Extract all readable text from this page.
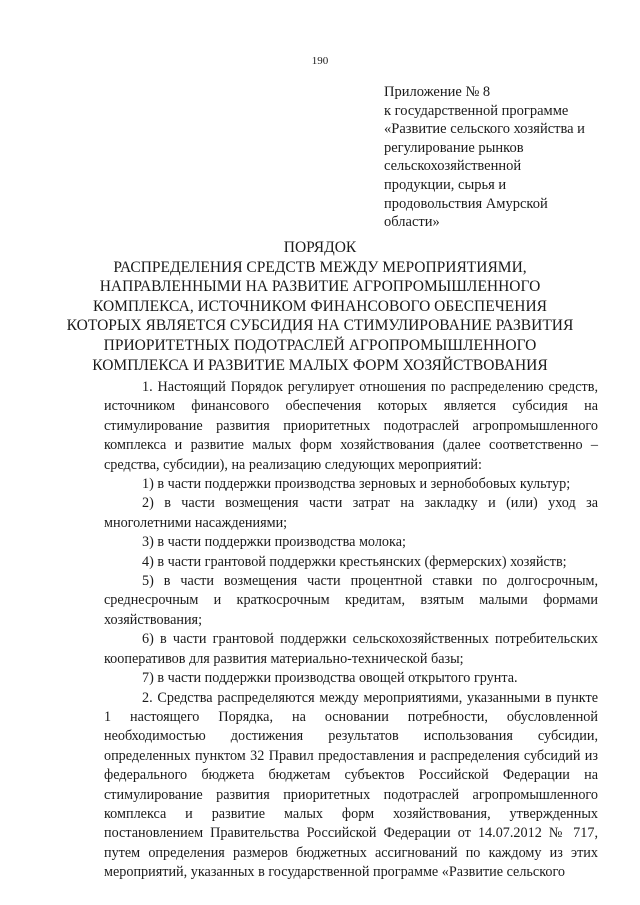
190
Приложение № 8
к государственной программе
«Развитие сельского хозяйства и
регулирование рынков
сельскохозяйственной
продукции, сырья и
продовольствия Амурской
области»
ПОРЯДОК
РАСПРЕДЕЛЕНИЯ СРЕДСТВ МЕЖДУ МЕРОПРИЯТИЯМИ,
НАПРАВЛЕННЫМИ НА РАЗВИТИЕ АГРОПРОМЫШЛЕННОГО
КОМПЛЕКСА, ИСТОЧНИКОМ ФИНАНСОВОГО ОБЕСПЕЧЕНИЯ
КОТОРЫХ ЯВЛЯЕТСЯ СУБСИДИЯ НА СТИМУЛИРОВАНИЕ РАЗВИТИЯ
ПРИОРИТЕТНЫХ ПОДОТРАСЛЕЙ АГРОПРОМЫШЛЕННОГО
КОМПЛЕКСА И РАЗВИТИЕ МАЛЫХ ФОРМ ХОЗЯЙСТВОВАНИЯ
1. Настоящий Порядок регулирует отношения по распределению средств, источником финансового обеспечения которых является субсидия на стимулирование развития приоритетных подотраслей агропромышленного комплекса и развитие малых форм хозяйствования (далее соответственно – средства, субсидии), на реализацию следующих мероприятий:
1) в части поддержки производства зерновых и зернобобовых культур;
2) в части возмещения части затрат на закладку и (или) уход за многолетними насаждениями;
3) в части поддержки производства молока;
4) в части грантовой поддержки крестьянских (фермерских) хозяйств;
5) в части возмещения части процентной ставки по долгосрочным, среднесрочным и краткосрочным кредитам, взятым малыми формами хозяйствования;
6) в части грантовой поддержки сельскохозяйственных потребительских кооперативов для развития материально-технической базы;
7) в части поддержки производства овощей открытого грунта.
2. Средства распределяются между мероприятиями, указанными в пункте 1 настоящего Порядка, на основании потребности, обусловленной необходимостью достижения результатов использования субсидии, определенных пунктом 32 Правил предоставления и распределения субсидий из федерального бюджета бюджетам субъектов Российской Федерации на стимулирование развития приоритетных подотраслей агропромышленного комплекса и развитие малых форм хозяйствования, утвержденных постановлением Правительства Российской Федерации от 14.07.2012 № 717, путем определения размеров бюджетных ассигнований по каждому из этих мероприятий, указанных в государственной программе «Развитие сельского
